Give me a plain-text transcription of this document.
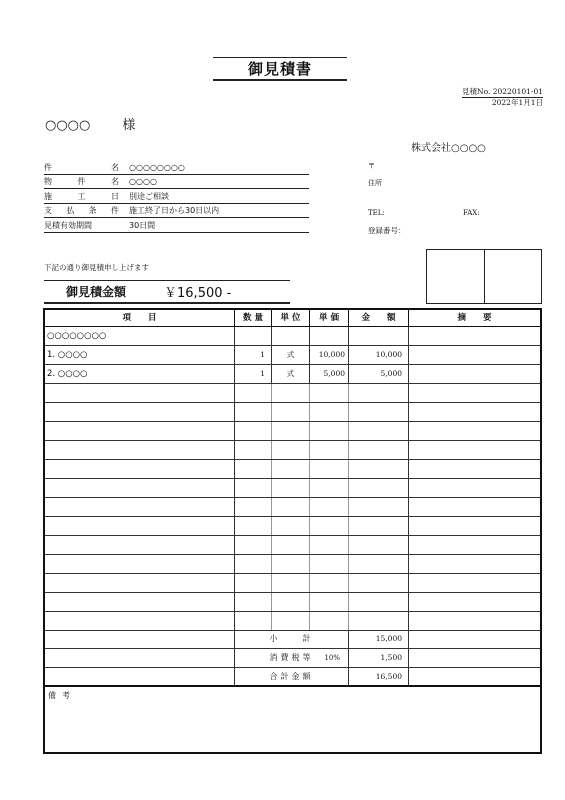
御見積書
見積No. 20220101-01
2022年1月1日
○○○○ 様
株式会社○○○○
件	名	○○○○○○○○
物	件	名	○○○○
施	工	日	別途ご相談
支 払 条 件	施工終了日から30日以内
見積有効期間	30日間
〒
住所
TEL:	FAX:
登録番号：
下記の通り御見積申し上げます
御見積金額	￥16,500 -
項　　目	数 量	単 位	単 価	金　　額	摘　　要
○○○○○○○○
1. ○○○○	1	式	10,000	10,000
2. ○○○○	1	式	5,000	5,000
小　　計	15,000
消費税等 10%	1,500
合計金額	16,500
備考
